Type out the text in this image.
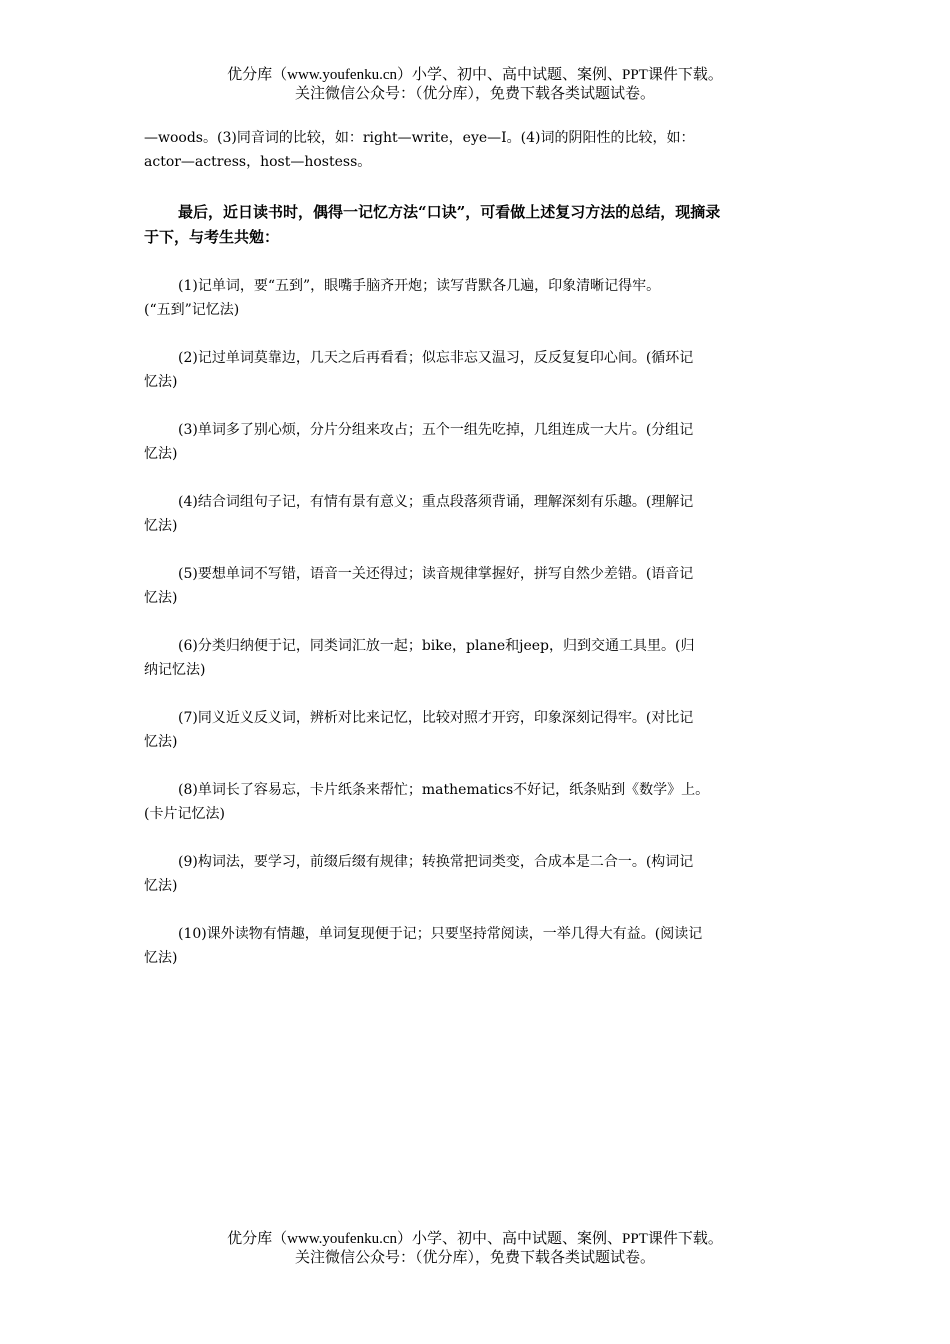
优分库（www.youfenku.cn）小学、初中、高中试题、案例、PPT课件下载。
关注微信公众号：（优分库），免费下载各类试题试卷。

—woods。(3)同音词的比较，如：right—write，eye—I。(4)词的阴阳性的比较，如：
actor—actress，host—hostess。

最后，近日读书时，偶得一记忆方法“口诀”，可看做上述复习方法的总结，现摘录
于下，与考生共勉：

(1)记单词，要“五到”，眼嘴手脑齐开炮；读写背默各几遍，印象清晰记得牢。
(“五到”记忆法)

(2)记过单词莫靠边，几天之后再看看；似忘非忘又温习，反反复复印心间。(循环记
忆法)

(3)单词多了别心烦，分片分组来攻占；五个一组先吃掉，几组连成一大片。(分组记
忆法)

(4)结合词组句子记，有情有景有意义；重点段落须背诵，理解深刻有乐趣。(理解记
忆法)

(5)要想单词不写错，语音一关还得过；读音规律掌握好，拼写自然少差错。(语音记
忆法)

(6)分类归纳便于记，同类词汇放一起；bike，plane和jeep，归到交通工具里。(归
纳记忆法)

(7)同义近义反义词，辨析对比来记忆，比较对照才开窍，印象深刻记得牢。(对比记
忆法)

(8)单词长了容易忘，卡片纸条来帮忙；mathematics不好记，纸条贴到《数学》上。
(卡片记忆法)

(9)构词法，要学习，前缀后缀有规律；转换常把词类变，合成本是二合一。(构词记
忆法)

(10)课外读物有情趣，单词复现便于记；只要坚持常阅读，一举几得大有益。(阅读记
忆法)

优分库（www.youfenku.cn）小学、初中、高中试题、案例、PPT课件下载。
关注微信公众号：（优分库），免费下载各类试题试卷。
